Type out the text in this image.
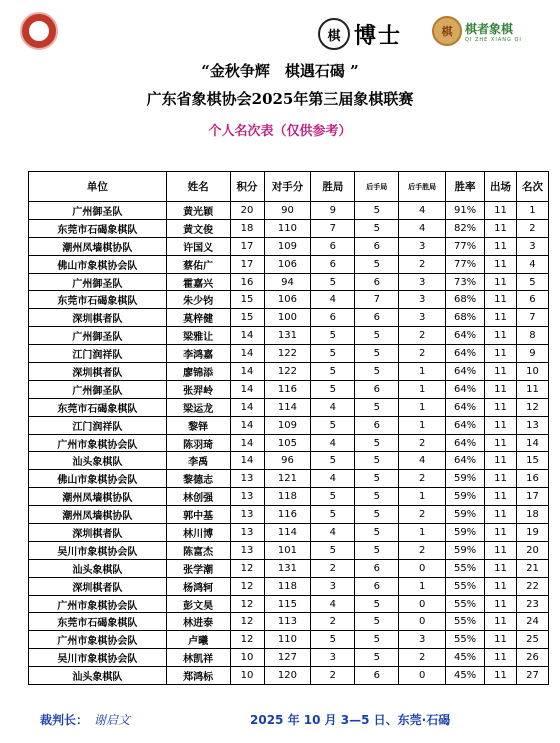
棋 博士	棋	棋者象棋
QI ZHE XIANG QI
“金秋争辉　棋遇石碣 ”
广东省象棋协会2025年第三届象棋联赛
个人名次表（仅供参考）
单位	姓名	积分	对手分	胜局	后手局	后手胜局	胜率	出场	名次
广州御圣队	黄光颖	20	90	9	5	4	91%	11	1
东莞市石碣象棋队	黄文俊	18	110	7	5	4	82%	11	2
潮州凤墙棋协队	许国义	17	109	6	6	3	77%	11	3
佛山市象棋协会队	蔡佑广	17	106	6	5	2	77%	11	4
广州御圣队	霍嘉兴	16	94	5	6	3	73%	11	5
东莞市石碣象棋队	朱少钧	15	106	4	7	3	68%	11	6
深圳棋者队	莫梓健	15	100	6	6	3	68%	11	7
广州御圣队	梁雅让	14	131	5	5	2	64%	11	8
江门润祥队	李鸿嘉	14	122	5	5	2	64%	11	9
深圳棋者队	廖锦添	14	122	5	5	1	64%	11	10
广州御圣队	张羿岭	14	116	5	6	1	64%	11	11
东莞市石碣象棋队	梁运龙	14	114	4	5	1	64%	11	12
江门润祥队	黎铎	14	109	5	6	1	64%	11	13
广州市象棋协会队	陈羽琦	14	105	4	5	2	64%	11	14
汕头象棋队	李禹	14	96	5	5	4	64%	11	15
佛山市象棋协会队	黎德志	13	121	4	5	2	59%	11	16
潮州凤墙棋协队	林创强	13	118	5	5	1	59%	11	17
潮州凤墙棋协队	郭中基	13	116	5	5	2	59%	11	18
深圳棋者队	林川博	13	114	4	5	1	59%	11	19
吴川市象棋协会队	陈富杰	13	101	5	5	2	59%	11	20
汕头象棋队	张学潮	12	131	2	6	0	55%	11	21
深圳棋者队	杨鸿轲	12	118	3	6	1	55%	11	22
广州市象棋协会队	彭文昊	12	115	4	5	0	55%	11	23
东莞市石碣象棋队	林进泰	12	113	2	5	0	55%	11	24
广州市象棋协会队	卢曦	12	110	5	5	3	55%	11	25
吴川市象棋协会队	林凯祥	10	127	3	5	2	45%	11	26
汕头象棋队	郑鸿标	10	120	2	6	0	45%	11	27
裁判长： 谢启文	2025 年 10 月 3—5 日、东莞·石碣
